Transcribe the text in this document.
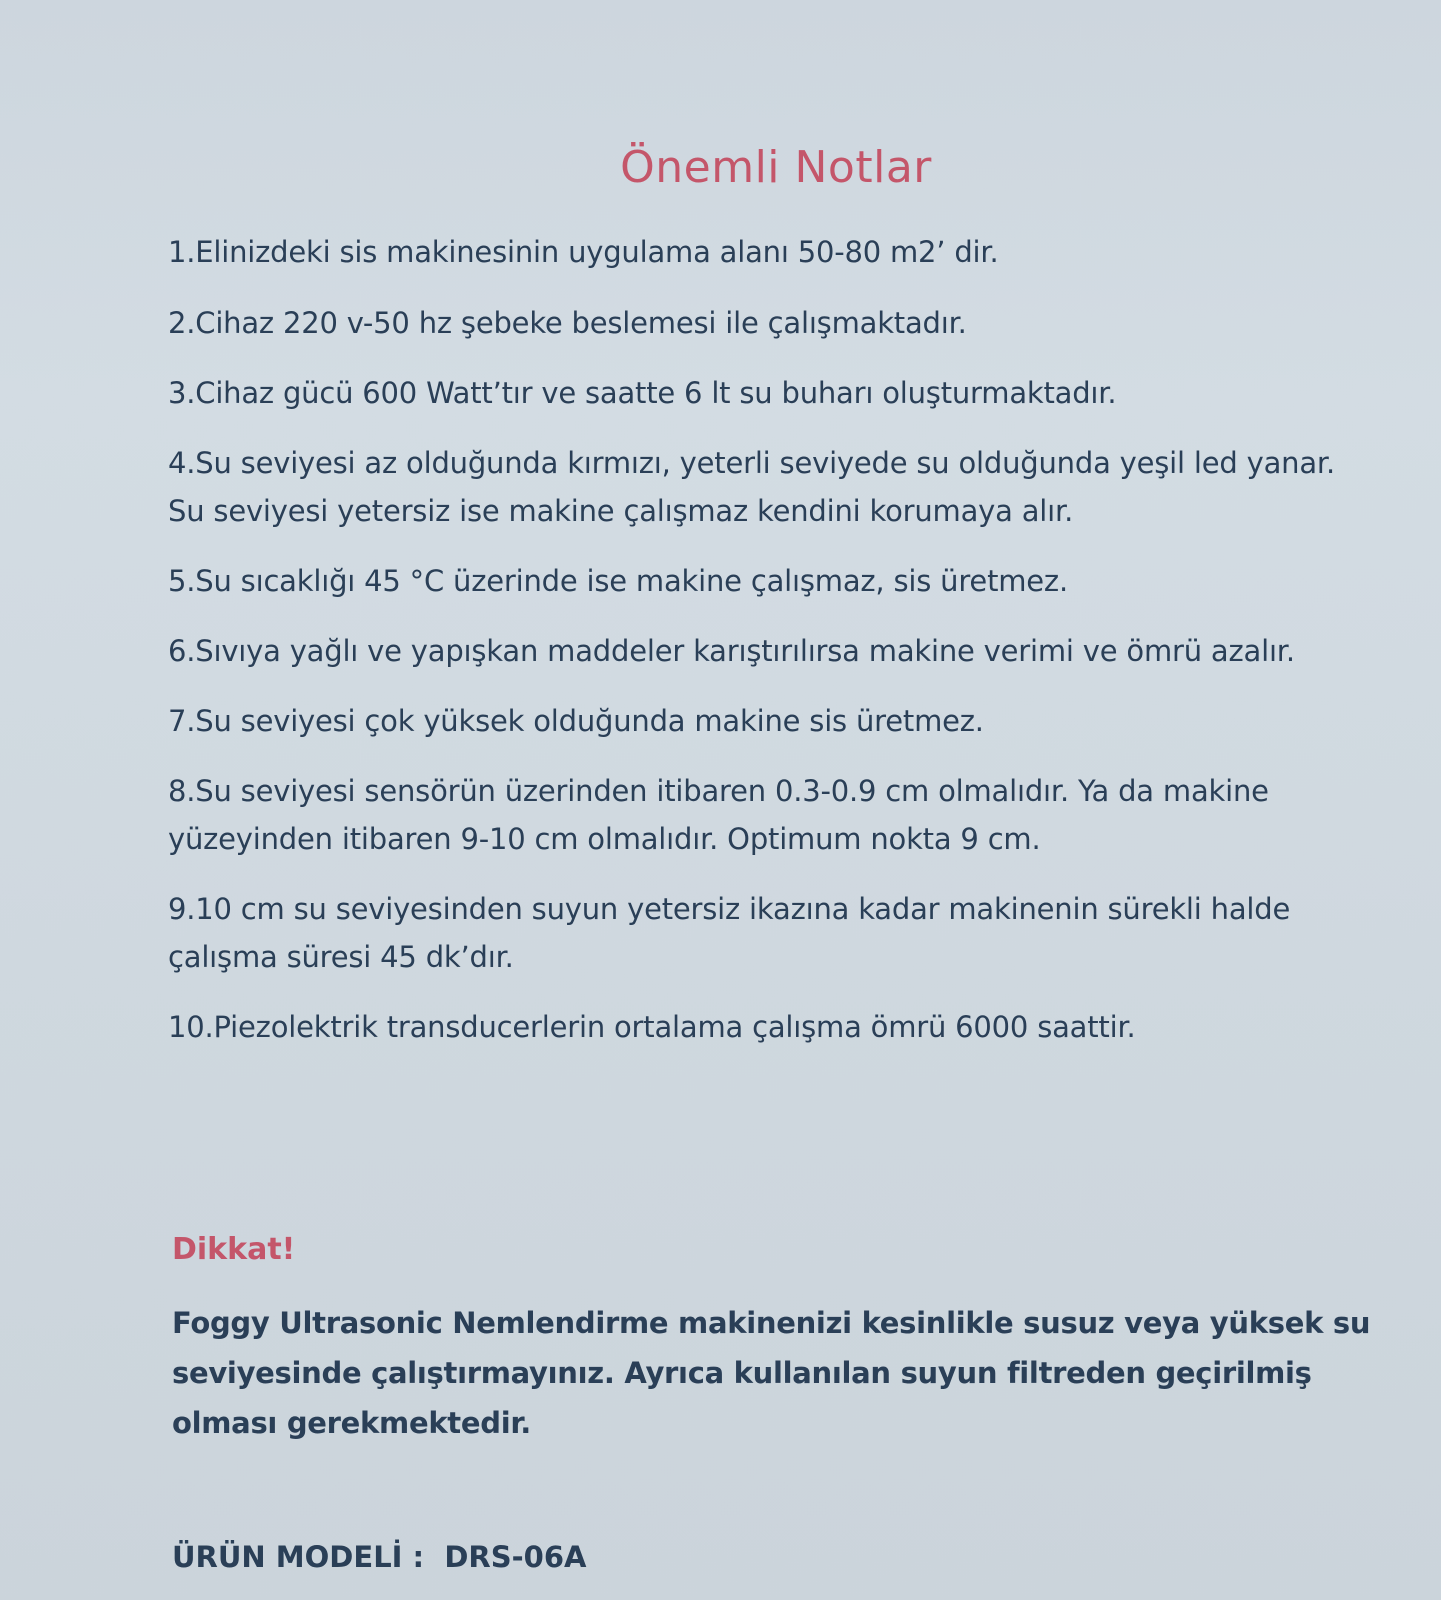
Önemli Notlar
1.Elinizdeki sis makinesinin uygulama alanı 50-80 m2’ dir.
2.Cihaz 220 v-50 hz şebeke beslemesi ile çalışmaktadır.
3.Cihaz gücü 600 Watt’tır ve saatte 6 lt su buharı oluşturmaktadır.
4.Su seviyesi az olduğunda kırmızı, yeterli seviyede su olduğunda yeşil led yanar. Su seviyesi yetersiz ise makine çalışmaz kendini korumaya alır.
5.Su sıcaklığı 45 °C üzerinde ise makine çalışmaz, sis üretmez.
6.Sıvıya yağlı ve yapışkan maddeler karıştırılırsa makine verimi ve ömrü azalır.
7.Su seviyesi çok yüksek olduğunda makine sis üretmez.
8.Su seviyesi sensörün üzerinden itibaren 0.3-0.9 cm olmalıdır. Ya da makine yüzeyinden itibaren 9-10 cm olmalıdır. Optimum nokta 9 cm.
9.10 cm su seviyesinden suyun yetersiz ikazına kadar makinenin sürekli halde çalışma süresi 45 dk’dır.
10.Piezolektrik transducerlerin ortalama çalışma ömrü 6000 saattir.
Dikkat!
Foggy Ultrasonic Nemlendirme makinenizi kesinlikle susuz veya yüksek su seviyesinde çalıştırmayınız. Ayrıca kullanılan suyun filtreden geçirilmiş olması gerekmektedir.
ÜRÜN MODELİ :  DRS-06A
